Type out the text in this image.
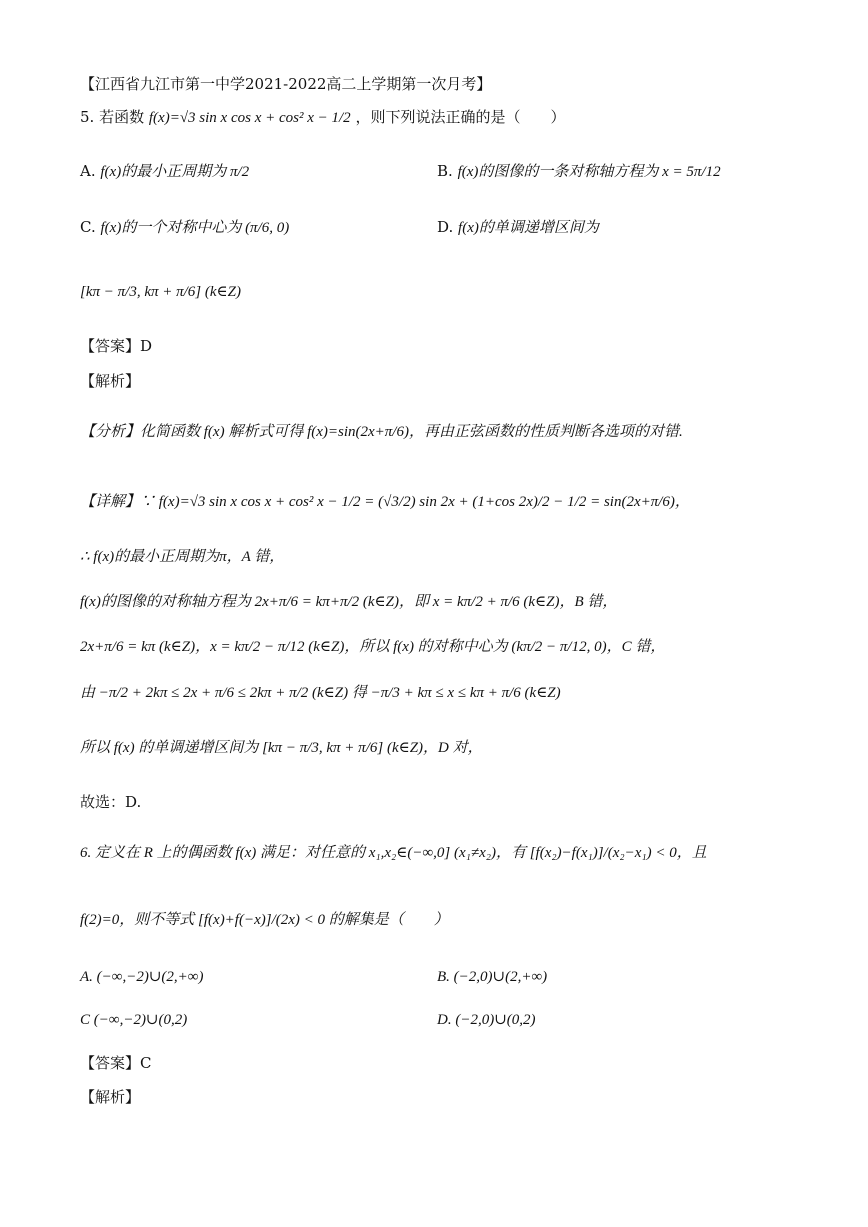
【江西省九江市第一中学2021-2022高二上学期第一次月考】
5. 若函数 f(x)=√3 sin x cos x + cos² x − 1/2 ，则下列说法正确的是（　　）
A. f(x)的最小正周期为 π/2	B. f(x)的图像的一条对称轴方程为 x = 5π/12
C. f(x)的一个对称中心为 (π/6, 0)	D. f(x)的单调递增区间为
[kπ − π/3, kπ + π/6] (k∈Z)
【答案】D
【解析】
【分析】化简函数 f(x) 解析式可得 f(x)=sin(2x+π/6)，再由正弦函数的性质判断各选项的对错.
【详解】∵ f(x)=√3 sin x cos x + cos² x − 1/2 = (√3/2) sin 2x + (1+cos 2x)/2 − 1/2 = sin(2x+π/6)，
∴ f(x)的最小正周期为π，A 错，
f(x)的图像的对称轴方程为 2x+π/6 = kπ+π/2 (k∈Z)，即 x = kπ/2 + π/6 (k∈Z)，B 错，
2x+π/6 = kπ (k∈Z)，x = kπ/2 − π/12 (k∈Z)，所以 f(x) 的对称中心为 (kπ/2 − π/12, 0)，C 错，
由 −π/2 + 2kπ ≤ 2x + π/6 ≤ 2kπ + π/2 (k∈Z) 得 −π/3 + kπ ≤ x ≤ kπ + π/6 (k∈Z)
所以 f(x) 的单调递增区间为 [kπ − π/3, kπ + π/6] (k∈Z)，D 对，
故选：D.
6. 定义在 R 上的偶函数 f(x) 满足：对任意的 x₁,x₂∈(−∞,0] (x₁≠x₂)，有 [f(x₂)−f(x₁)]/(x₂−x₁) < 0，且
f(2)=0，则不等式 [f(x)+f(−x)]/(2x) < 0 的解集是（　　）
A. (−∞,−2)∪(2,+∞)	B. (−2,0)∪(2,+∞)
C (−∞,−2)∪(0,2)	D. (−2,0)∪(0,2)
【答案】C
【解析】
